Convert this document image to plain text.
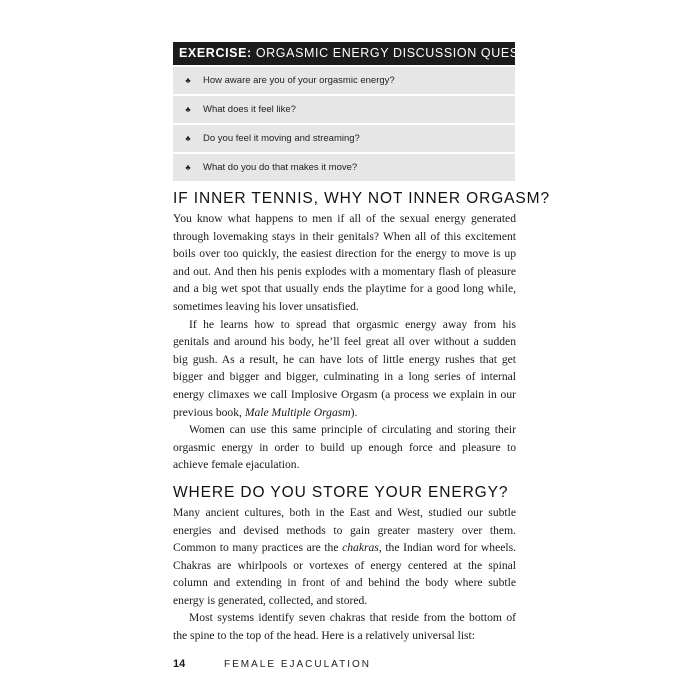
EXERCISE: ORGASMIC ENERGY DISCUSSION QUESTIONS
♣	How aware are you of your orgasmic energy?
♣	What does it feel like?
♣	Do you feel it moving and streaming?
♣	What do you do that makes it move?
IF INNER TENNIS, WHY NOT INNER ORGASM?

You know what happens to men if all of the sexual energy generated through lovemaking stays in their genitals? When all of this excitement boils over too quickly, the easiest direction for the energy to move is up and out. And then his penis explodes with a momentary flash of pleasure and a big wet spot that usually ends the playtime for a good long while, sometimes leaving his lover unsatisfied.

If he learns how to spread that orgasmic energy away from his genitals and around his body, he’ll feel great all over without a sudden big gush. As a result, he can have lots of little energy rushes that get bigger and bigger and bigger, culminating in a long series of internal energy climaxes we call Implosive Orgasm (a process we explain in our previous book, Male Multiple Orgasm).

Women can use this same principle of circulating and storing their orgasmic energy in order to build up enough force and pleasure to achieve female ejaculation.

WHERE DO YOU STORE YOUR ENERGY?

Many ancient cultures, both in the East and West, studied our subtle energies and devised methods to gain greater mastery over them. Common to many practices are the chakras, the Indian word for wheels. Chakras are whirlpools or vortexes of energy centered at the spinal column and extending in front of and behind the body where subtle energy is generated, collected, and stored.

Most systems identify seven chakras that reside from the bottom of the spine to the top of the head. Here is a relatively universal list:

14	FEMALE EJACULATION
